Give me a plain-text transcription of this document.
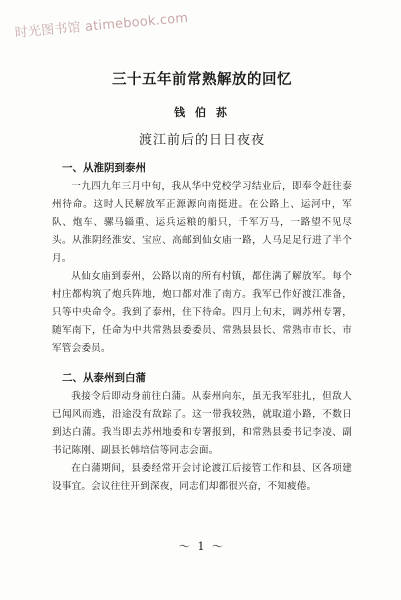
时光图书馆 atimebook.com
三十五年前常熟解放的回忆
钱 伯 荪
渡江前后的日日夜夜
一、从淮阴到泰州

一九四九年三月中旬，我从华中党校学习结业后，即奉令赶往泰州待命。这时人民解放军正源源向南挺进。在公路上、运河中，军队、炮车、骡马辎重、运兵运粮的船只，千军万马，一路望不见尽头。从淮阴经淮安、宝应、高邮到仙女庙一路，人马足足行进了半个月。

从仙女庙到泰州，公路以南的所有村镇，都住满了解放军。每个村庄都构筑了炮兵阵地，炮口都对准了南方。我军已作好渡江准备，只等中央命令。我到了泰州，住下待命。四月上旬末，调苏州专署，随军南下，任命为中共常熟县委委员、常熟县县长、常熟市市长、市军管会委员。

二、从泰州到白蒲

我接令后即动身前往白蒲。从泰州向东，虽无我军驻扎，但敌人已闻风而逃，沿途没有敌踪了。这一带我较熟，就取道小路，不数日到达白蒲。我当即去苏州地委和专署报到，和常熟县委书记李凌、副书记陈刚、副县长韩培信等同志会面。

在白蒲期间，县委经常开会讨论渡江后接管工作和县、区各项建设事宜。会议往往开到深夜，同志们却都很兴奋，不知疲倦。

～ 1 ～
